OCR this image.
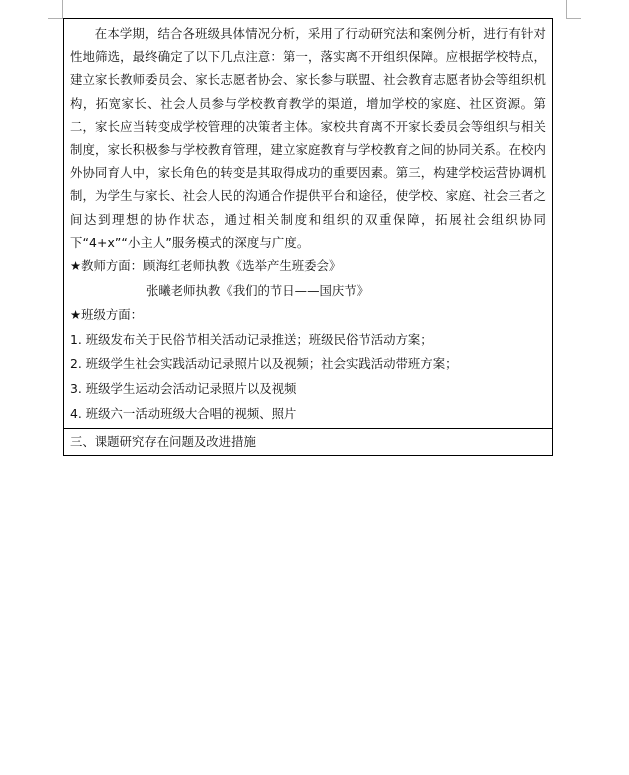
在本学期，结合各班级具体情况分析，采用了行动研究法和案例分析，进行有针对性地筛选，最终确定了以下几点注意：第一，落实离不开组织保障。应根据学校特点，建立家长教师委员会、家长志愿者协会、家长参与联盟、社会教育志愿者协会等组织机构，拓宽家长、社会人员参与学校教育教学的渠道，增加学校的家庭、社区资源。第二，家长应当转变成学校管理的决策者主体。家校共育离不开家长委员会等组织与相关制度，家长积极参与学校教育管理，建立家庭教育与学校教育之间的协同关系。在校内外协同育人中，家长角色的转变是其取得成功的重要因素。第三，构建学校运营协调机制，为学生与家长、社会人民的沟通合作提供平台和途径，使学校、家庭、社会三者之间达到理想的协作状态，通过相关制度和组织的双重保障，拓展社会组织协同下“4+x”“小主人”服务模式的深度与广度。

★教师方面：顾海红老师执教《选举产生班委会》

张曦老师执教《我们的节日——国庆节》

★班级方面：

1. 班级发布关于民俗节相关活动记录推送；班级民俗节活动方案；

2. 班级学生社会实践活动记录照片以及视频；社会实践活动带班方案；

3. 班级学生运动会活动记录照片以及视频

4. 班级六一活动班级大合唱的视频、照片

三、课题研究存在问题及改进措施
